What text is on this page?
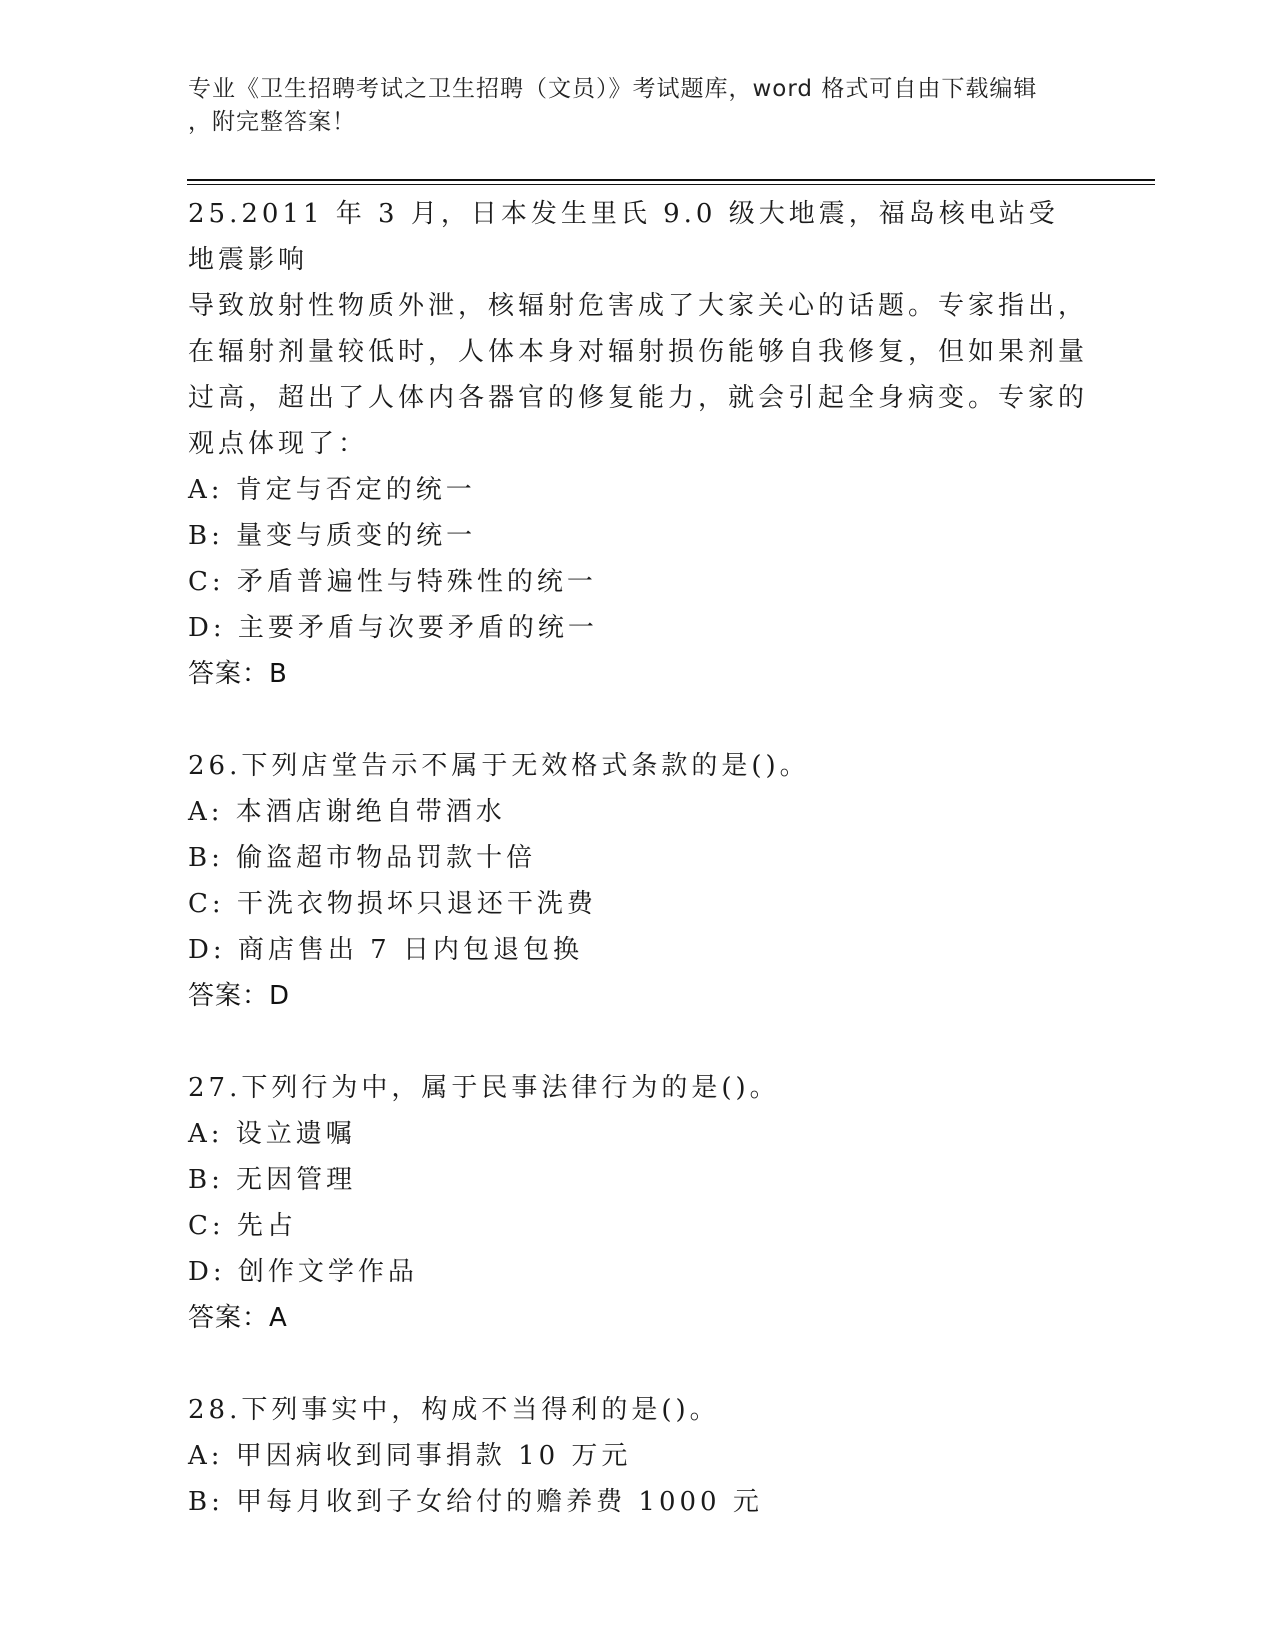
专业《卫生招聘考试之卫生招聘（文员）》考试题库，word 格式可自由下载编辑
，附完整答案！

25.2011 年 3 月，日本发生里氏 9.0 级大地震，福岛核电站受地震影响

导致放射性物质外泄，核辐射危害成了大家关心的话题。专家指出，

在辐射剂量较低时，人体本身对辐射损伤能够自我修复，但如果剂量

过高，超出了人体内各器官的修复能力，就会引起全身病变。专家的

观点体现了：

A: 肯定与否定的统一

B: 量变与质变的统一

C: 矛盾普遍性与特殊性的统一

D: 主要矛盾与次要矛盾的统一

答案：B

26.下列店堂告示不属于无效格式条款的是()。

A: 本酒店谢绝自带酒水

B: 偷盗超市物品罚款十倍

C: 干洗衣物损坏只退还干洗费

D: 商店售出 7 日内包退包换

答案：D

27.下列行为中，属于民事法律行为的是()。

A: 设立遗嘱

B: 无因管理

C: 先占

D: 创作文学作品

答案：A

28.下列事实中，构成不当得利的是()。

A: 甲因病收到同事捐款 10 万元

B: 甲每月收到子女给付的赡养费 1000 元
